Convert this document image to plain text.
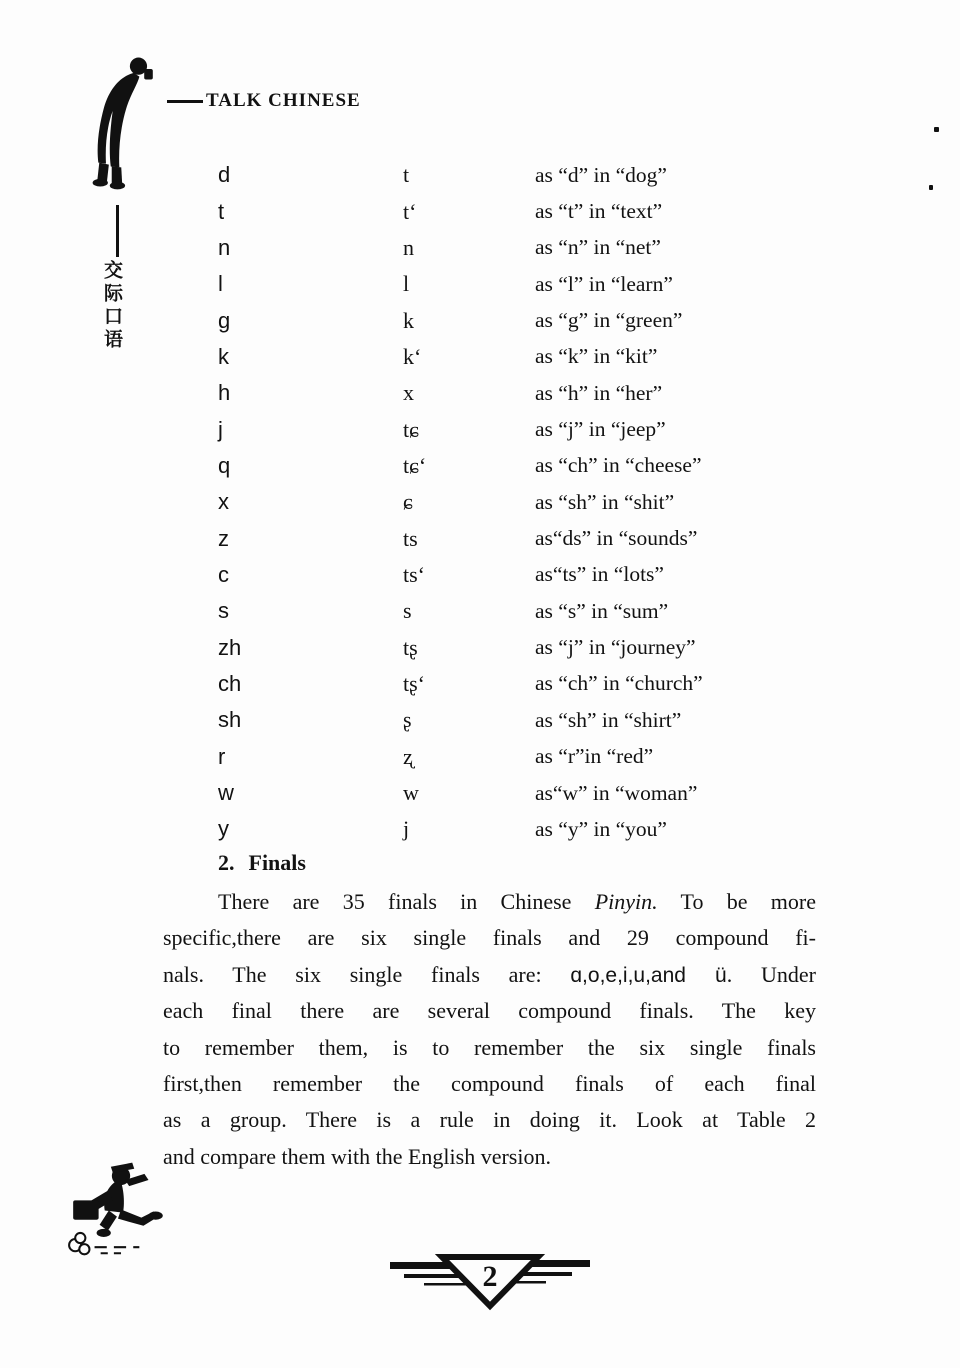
TALK CHINESE
交际口语
d	t	as “d” in “dog”
t	t‘	as “t” in “text”
n	n	as “n” in “net”
l	l	as “l” in “learn”
g	k	as “g” in “green”
k	k‘	as “k” in “kit”
h	x	as “h” in “her”
j	tɕ	as “j” in “jeep”
q	tɕ‘	as “ch” in “cheese”
x	ɕ	as “sh” in “shit”
z	ts	as“ds” in “sounds”
c	ts‘	as“ts” in “lots”
s	s	as “s” in “sum”
zh	tʂ	as “j” in “journey”
ch	tʂ‘	as “ch” in “church”
sh	ʂ	as “sh” in “shirt”
r	ʐ	as “r”in “red”
w	w	as“w” in “woman”
y	j	as “y” in “you”
2. Finals
There are 35 finals in Chinese Pinyin. To be more
specific,there are six single finals and 29 compound fi-
nals. The six single finals are: ɑ,o,e,i,u,and ü. Under
each final there are several compound finals. The key
to remember them, is to remember the six single finals
first,then remember the compound finals of each final
as a group. There is a rule in doing it. Look at Table 2
and compare them with the English version.
2
